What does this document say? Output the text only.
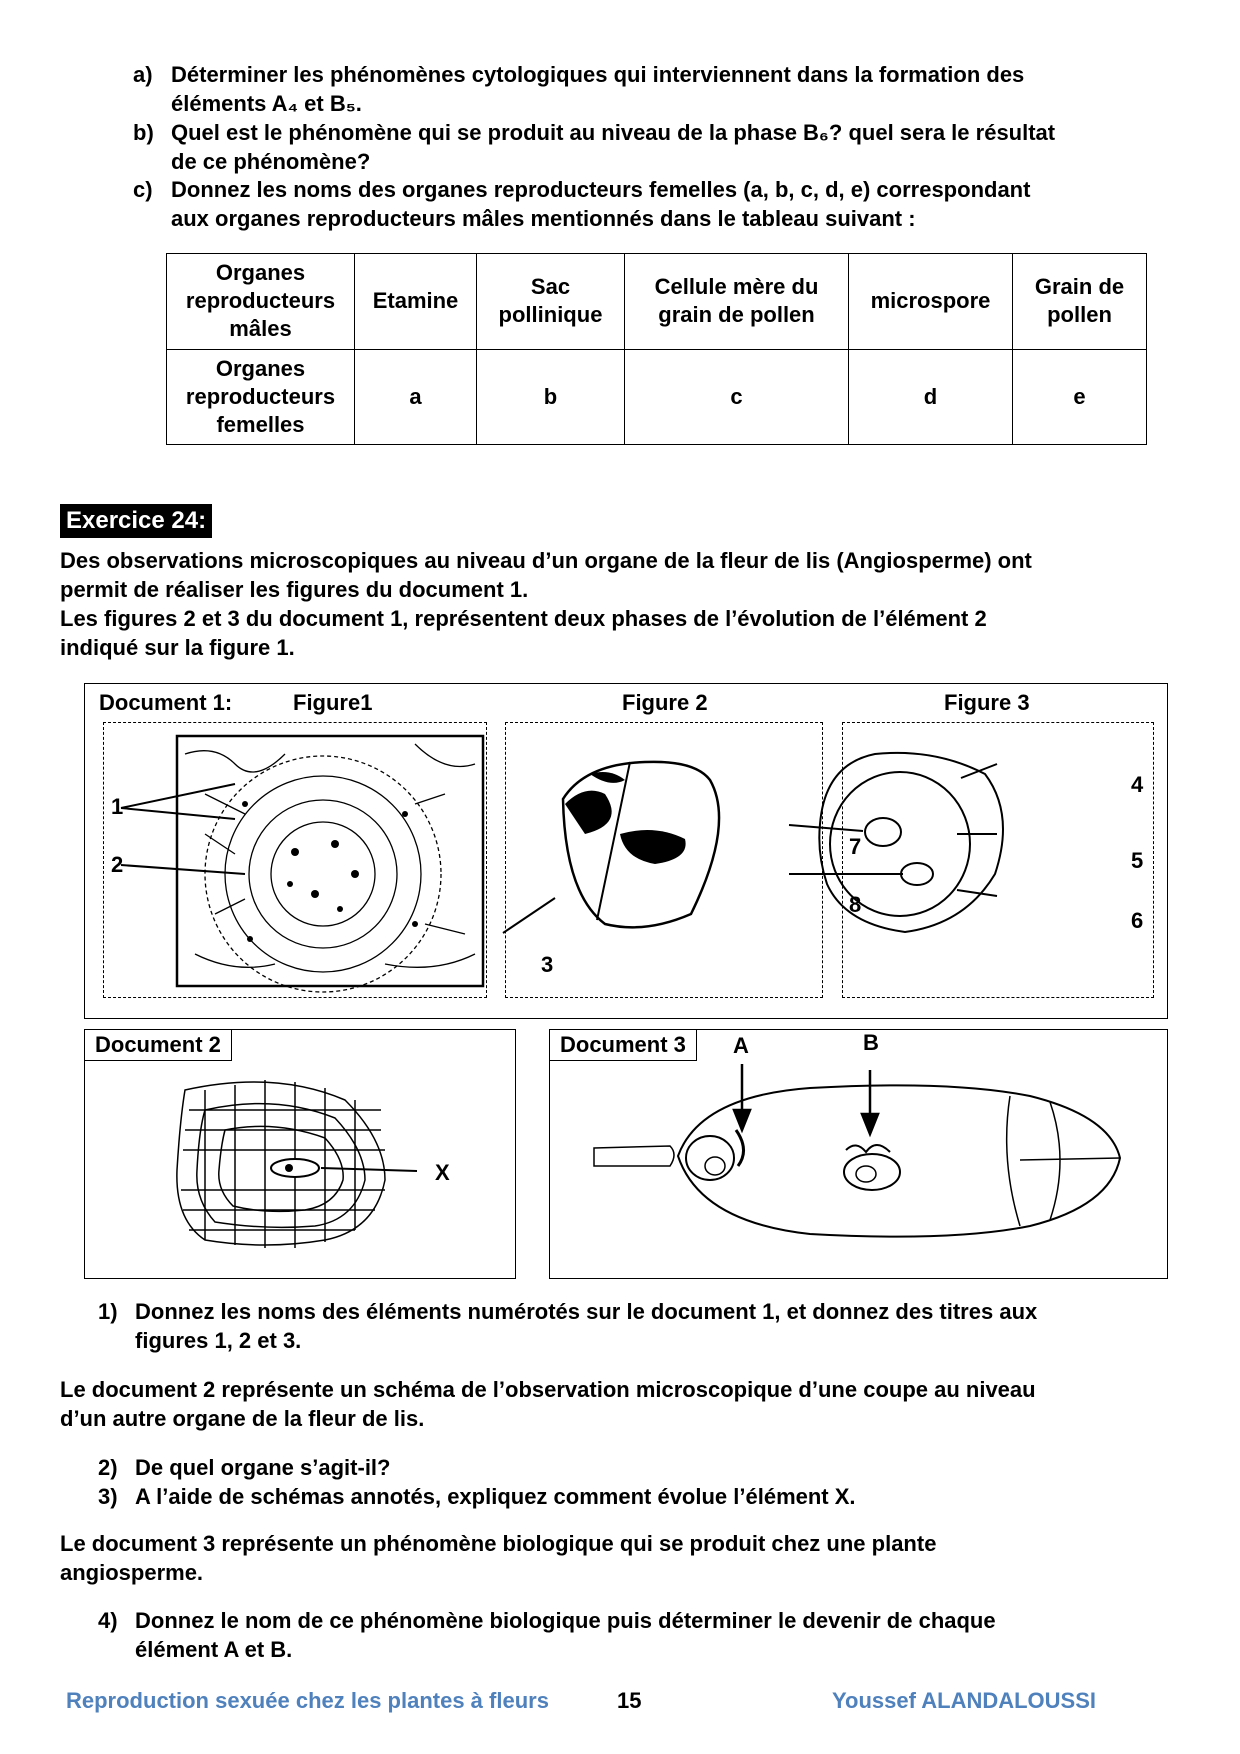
a) Déterminer les phénomènes cytologiques qui interviennent dans la formation des
éléments A₄ et B₅.
b) Quel est le phénomène qui se produit au niveau de la phase B₆? quel sera le résultat
de ce phénomène?
c) Donnez les noms des organes reproducteurs femelles (a, b, c, d, e) correspondant
aux organes reproducteurs mâles mentionnés dans le tableau suivant :
Organes reproducteurs mâles	Etamine	Sac pollinique	Cellule mère du grain de pollen	microspore	Grain de pollen
Organes reproducteurs femelles	a	b	c	d	e
Exercice 24:
Des observations microscopiques au niveau d’un organe de la fleur de lis (Angiosperme) ont
permit de réaliser les figures du document 1.
Les figures 2 et 3 du document 1, représentent deux phases de l’évolution de l’élément 2
indiqué sur la figure 1.
Document 1:	Figure1	Figure 2	Figure 3
1
2
3
4
5
6
7
8
X
Document 2	A	B
Document 3
1) Donnez les noms des éléments numérotés sur le document 1, et donnez des titres aux
figures 1, 2 et 3.
Le document 2 représente un schéma de l’observation microscopique d’une coupe au niveau
d’un autre organe de la fleur de lis.
2) De quel organe s’agit-il?
3) A l’aide de schémas annotés, expliquez comment évolue l’élément X.
Le document 3 représente un phénomène biologique qui se produit chez une plante
angiosperme.
4) Donnez le nom de ce phénomène biologique puis déterminer le devenir de chaque
élément A et B.
Reproduction sexuée chez les plantes à fleurs	15	Youssef ALANDALOUSSI
